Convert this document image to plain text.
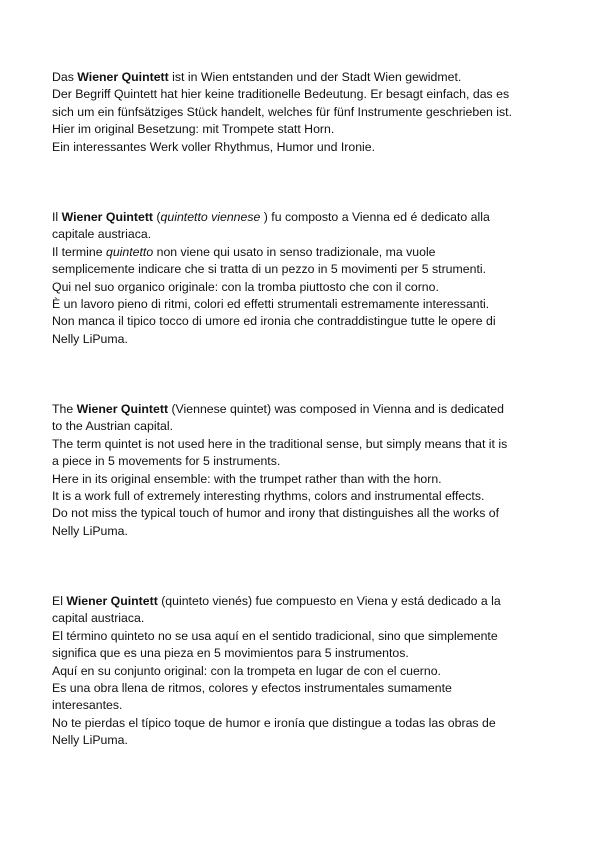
Das Wiener Quintett ist in Wien entstanden und der Stadt Wien gewidmet.

Der Begriff Quintett hat hier keine traditionelle Bedeutung. Er besagt einfach, das es

sich um ein fünfsätziges Stück handelt, welches für fünf Instrumente geschrieben ist.

Hier im original Besetzung: mit Trompete statt Horn.

Ein interessantes Werk voller Rhythmus, Humor und Ironie.

Il Wiener Quintett (quintetto viennese ) fu composto a Vienna ed é dedicato alla

capitale austriaca.

Il termine quintetto non viene qui usato in senso tradizionale, ma vuole

semplicemente indicare che si tratta di un pezzo in 5 movimenti per 5 strumenti.

Qui nel suo organico originale: con la tromba piuttosto che con il corno.

È un lavoro pieno di ritmi, colori ed effetti strumentali estremamente interessanti.

Non manca il tipico tocco di umore ed ironia che contraddistingue tutte le opere di

Nelly LiPuma.

The Wiener Quintett (Viennese quintet) was composed in Vienna and is dedicated

to the Austrian capital.

The term quintet is not used here in the traditional sense, but simply means that it is

a piece in 5 movements for 5 instruments.

Here in its original ensemble: with the trumpet rather than with the horn.

It is a work full of extremely interesting rhythms, colors and instrumental effects.

Do not miss the typical touch of humor and irony that distinguishes all the works of

Nelly LiPuma.

El Wiener Quintett (quinteto vienés) fue compuesto en Viena y está dedicado a la

capital austriaca.

El término quinteto no se usa aquí en el sentido tradicional, sino que simplemente

significa que es una pieza en 5 movimientos para 5 instrumentos.

Aquí en su conjunto original: con la trompeta en lugar de con el cuerno.

Es una obra llena de ritmos, colores y efectos instrumentales sumamente

interesantes.

No te pierdas el típico toque de humor e ironía que distingue a todas las obras de

Nelly LiPuma.
